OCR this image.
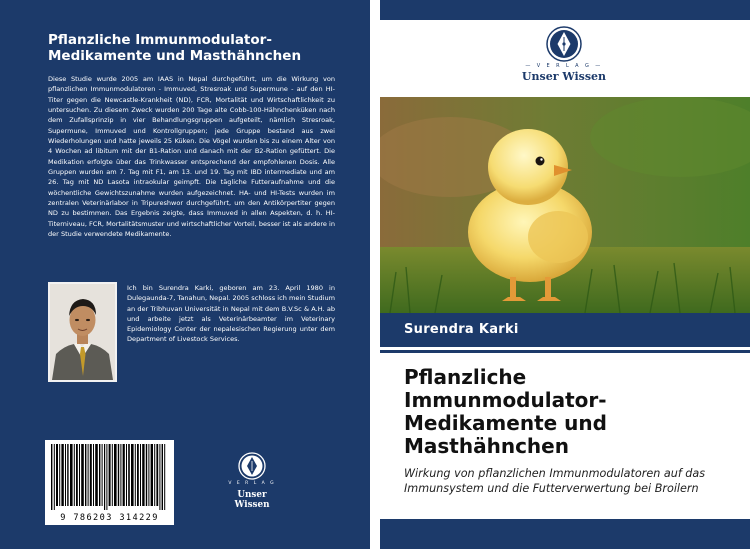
Pflanzliche Immunmodulator-Medikamente und Masthähnchen
Diese Studie wurde 2005 am IAAS in Nepal durchgeführt, um die Wirkung von pflanzlichen Immunmodulatoren - Immuved, Stresroak und Supermune - auf den HI-Titer gegen die Newcastle-Krankheit (ND), FCR, Mortalität und Wirtschaftlichkeit zu untersuchen. Zu diesem Zweck wurden 200 Tage alte Cobb-100-Hähnchenküken nach dem Zufallsprinzip in vier Behandlungsgruppen aufgeteilt, nämlich Stresroak, Supermune, Immuved und Kontrollgruppen; jede Gruppe bestand aus zwei Wiederholungen und hatte jeweils 25 Küken. Die Vögel wurden bis zu einem Alter von 4 Wochen ad libitum mit der B1-Ration und danach mit der B2-Ration gefüttert. Die Medikation erfolgte über das Trinkwasser entsprechend der empfohlenen Dosis. Alle Gruppen wurden am 7. Tag mit F1, am 13. und 19. Tag mit IBD intermediate und am 26. Tag mit ND Lasota intraokular geimpft. Die tägliche Futteraufnahme und die wöchentliche Gewichtszunahme wurden aufgezeichnet. HA- und HI-Tests wurden im zentralen Veterinärlabor in Tripureshwor durchgeführt, um den Antikörpertiter gegen ND zu bestimmen. Das Ergebnis zeigte, dass Immuved in allen Aspekten, d. h. HI-Titerniveau, FCR, Mortalitätsmuster und wirtschaftlicher Vorteil, besser ist als andere in der Studie verwendete Medikamente.
Ich bin Surendra Karki, geboren am 23. April 1980 in Dulegaunda-7, Tanahun, Nepal. 2005 schloss ich mein Studium an der Tribhuvan Universität in Nepal mit dem B.V.Sc & A.H. ab und arbeite jetzt als Veterinärbeamter im Veterinary Epidemiology Center der nepalesischen Regierung unter dem Department of Livestock Services.
9 786203 314229
V E R L A G
Unser Wissen
— V E R L A G —
Unser Wissen
Surendra Karki
Pflanzliche Immunmodulator-Medikamente und Masthähnchen
Wirkung von pflanzlichen Immunmodulatoren auf das Immunsystem und die Futterverwertung bei Broilern
